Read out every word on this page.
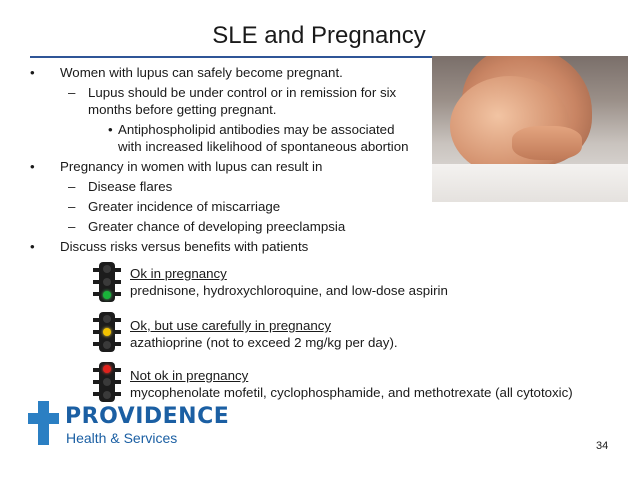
SLE and Pregnancy
• Women with lupus can safely become pregnant.
– Lupus should be under control or in remission for six
months before getting pregnant.
• Antiphospholipid antibodies may be associated
with increased likelihood of spontaneous abortion
• Pregnancy in women with lupus can result in
– Disease flares
– Greater incidence of miscarriage
– Greater chance of developing preeclampsia
• Discuss risks versus benefits with patients
Ok in pregnancy
prednisone, hydroxychloroquine, and low-dose aspirin
Ok, but use carefully in pregnancy
azathioprine (not to exceed 2 mg/kg per day).
Not ok in pregnancy
mycophenolate mofetil, cyclophosphamide, and methotrexate (all cytotoxic)
PROVIDENCE
Health & Services	34
